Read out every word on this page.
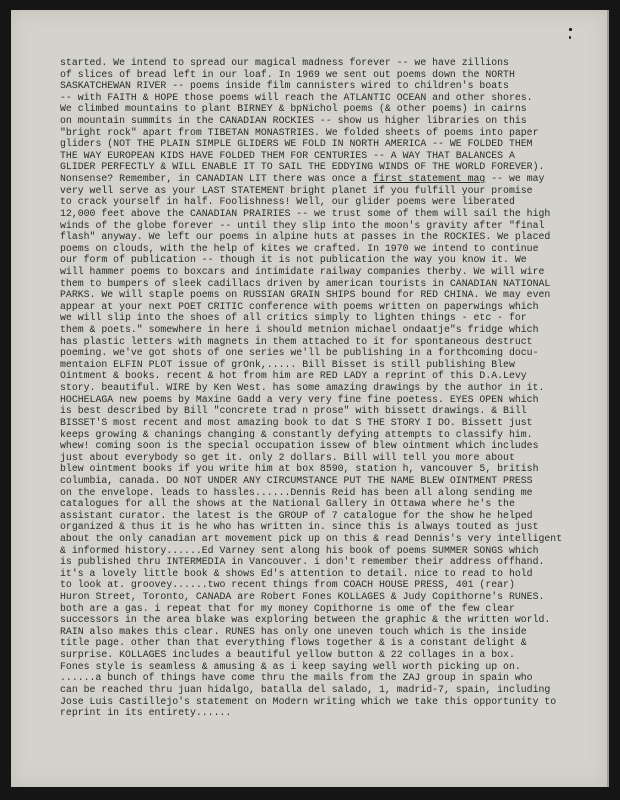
started. We intend to spread our magical madness forever -- we have zillions
of slices of bread left in our loaf. In 1969 we sent out poems down the NORTH
SASKATCHEWAN RIVER -- poems inside film cannisters wired to children's boats
-- with FAITH & HOPE those poems will reach the ATLANTIC OCEAN and other shores.
We climbed mountains to plant BIRNEY & bpNichol poems (& other poems) in cairns
on mountain summits in the CANADIAN ROCKIES -- show us higher libraries on this
"bright rock" apart from TIBETAN MONASTRIES. We folded sheets of poems into paper
gliders (NOT THE PLAIN SIMPLE GLIDERS WE FOLD IN NORTH AMERICA -- WE FOLDED THEM
THE WAY EUROPEAN KIDS HAVE FOLDED THEM FOR CENTURIES -- A WAY THAT BALANCES A
GLIDER PERFECTLY & WILL ENABLE IT TO SAIL THE EDDYING WINDS OF THE WORLD FOREVER).
Nonsense? Remember, in CANADIAN LIT there was once a first statement mag -- we may
very well serve as your LAST STATEMENT bright planet if you fulfill your promise
to crack yourself in half. Foolishness! Well, our glider poems were liberated
12,000 feet above the CANADIAN PRAIRIES -- we trust some of them will sail the high
winds of the globe forever -- until they slip into the moon's gravity after "final
flash" anyway. We left our poems in alpine huts at passes in the ROCKIES. We placed
poems on clouds, with the help of kites we crafted. In 1970 we intend to continue
our form of publication -- though it is not publication the way you know it. We
will hammer poems to boxcars and intimidate railway companies therby. We will wire
them to bumpers of sleek cadillacs driven by american tourists in CANADIAN NATIONAL
PARKS. We will staple poems on RUSSIAN GRAIN SHIPS bound for RED CHINA. We may even
appear at your next POET CRITIC conference with poems written on paperwings which
we will slip into the shoes of all critics simply to lighten things - etc - for
them & poets." somewhere in here i should metnion michael ondaatje"s fridge which
has plastic letters with magnets in them attached to it for spontaneous destruct
poeming. we've got shots of one series we'll be publishing in a forthcoming docu-
mentaion ELFIN PLOT issue of grOnk,..... Bill Bisset is still publishing Blew
Ointment & books. recent & hot from him are RED LADY a reprint of this D.A.Levy
story. beautiful. WIRE by Ken West. has some amazing drawings by the author in it.
HOCHELAGA new poems by Maxine Gadd a very very fine fine poetess. EYES OPEN which
is best described by Bill "concrete trad n prose" with bissett drawings. & Bill
BISSET'S most recent and most amazing book to dat S THE STORY I DO. Bissett just
keeps growing & chanings changing & constantly defying attempts to classify him.
whew! coming soon is the special occupation issew of blew ointment which includes
just about everybody so get it. only 2 dollars. Bill will tell you more about
blew ointment books if you write him at box 8590, station h, vancouver 5, british
columbia, canada. DO NOT UNDER ANY CIRCUMSTANCE PUT THE NAME BLEW OINTMENT PRESS
on the envelope. leads to hassles......Dennis Reid has been all along sending me
catalogues for all the shows at the National Gallery in Ottawa where he's the
assistant curator. the latest is the GROUP of 7 catalogue for the show he helped
organized & thus it is he who has written in. since this is always touted as just
about the only canadian art movement pick up on this & read Dennis's very intelligent
& informed history......Ed Varney sent along his book of poems SUMMER SONGS which
is published thru INTERMEDIA in Vancouver. i don't remember their address offhand.
it's a lovely little book & shows Ed's attention to detail. nice to read to hold
to look at. groovey......two recent things from COACH HOUSE PRESS, 401 (rear)
Huron Street, Toronto, CANADA are Robert Fones KOLLAGES & Judy Copithorne's RUNES.
both are a gas. i repeat that for my money Copithorne is ome of the few clear
successors in the area blake was exploring between the graphic & the written world.
RAIN also makes this clear. RUNES has only one uneven touch which is the inside
title page. other than that everything flows together & is a constant delight &
surprise. KOLLAGES includes a beautiful yellow button & 22 collages in a box.
Fones style is seamless & amusing & as i keep saying well worth picking up on.
......a bunch of things have come thru the mails from the ZAJ group in spain who
can be reached thru juan hidalgo, batalla del salado, 1, madrid-7, spain, including
Jose Luis Castillejo's statement on Modern writing which we take this opportunity to
reprint in its entirety......
